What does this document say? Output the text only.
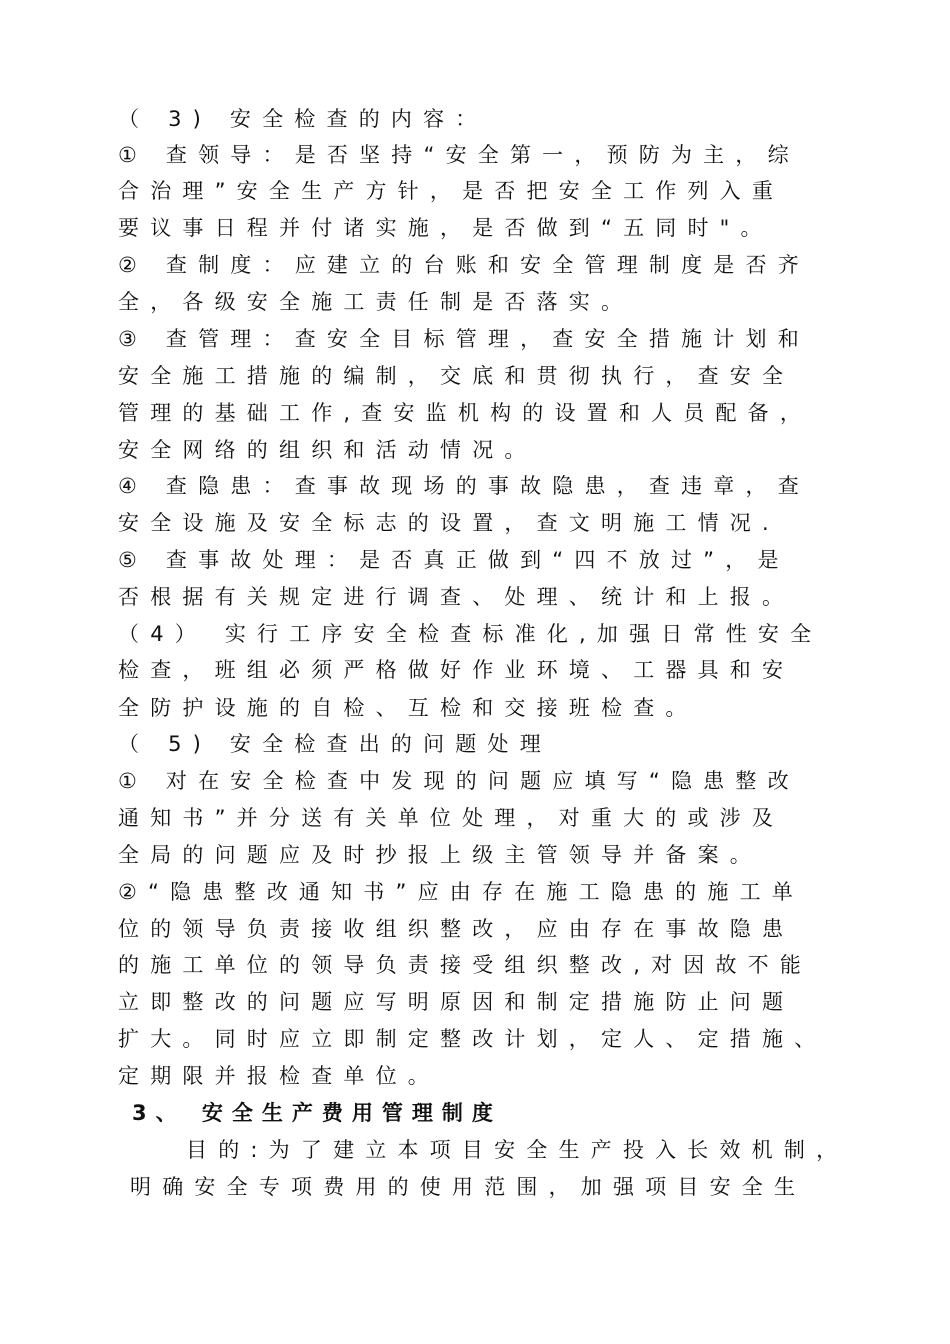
（ 3) 安全检查的内容：
① 查领导：是否坚持“安全第一，预防为主，综
合治理”安全生产方针，是否把安全工作列入重
要议事日程并付诸实施，是否做到“五同时"。
② 查制度：应建立的台账和安全管理制度是否齐
全，各级安全施工责任制是否落实。
③ 查管理：查安全目标管理，查安全措施计划和
安全施工措施的编制，交底和贯彻执行，查安全
管理的基础工作,查安监机构的设置和人员配备，
安全网络的组织和活动情况。
④ 查隐患：查事故现场的事故隐患，查违章，查
安全设施及安全标志的设置，查文明施工情况.
⑤ 查事故处理：是否真正做到“四不放过”，是
否根据有关规定进行调查、处理、统计和上报。
（4） 实行工序安全检查标准化,加强日常性安全
检查，班组必须严格做好作业环境、工器具和安
全防护设施的自检、互检和交接班检查。
（ 5) 安全检查出的问题处理
① 对在安全检查中发现的问题应填写“隐患整改
通知书”并分送有关单位处理，对重大的或涉及
全局的问题应及时抄报上级主管领导并备案。
②“隐患整改通知书”应由存在施工隐患的施工单
位的领导负责接收组织整改，应由存在事故隐患
的施工单位的领导负责接受组织整改,对因故不能
立即整改的问题应写明原因和制定措施防止问题
扩大。同时应立即制定整改计划，定人、定措施、
定期限并报检查单位。
3、 安全生产费用管理制度
目的:为了建立本项目安全生产投入长效机制，
明确安全专项费用的使用范围，加强项目安全生
